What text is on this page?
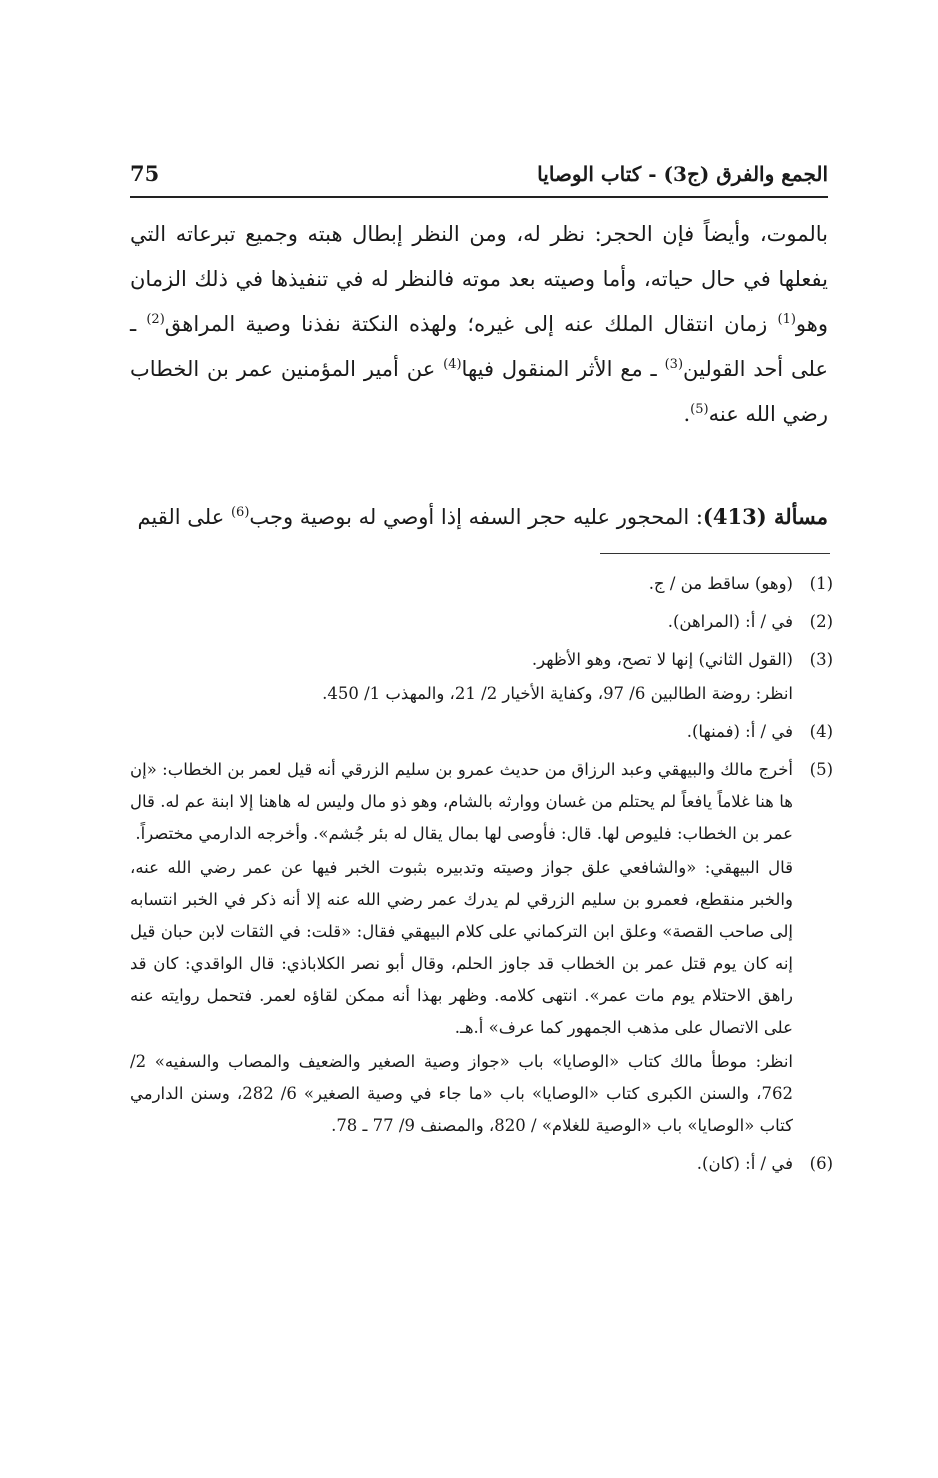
75	الجمع والفرق (ج3) - كتاب الوصايا

بالموت، وأيضاً فإن الحجر: نظر له، ومن النظر إبطال هبته وجميع تبرعاته التي يفعلها في حال حياته، وأما وصيته بعد موته فالنظر له في تنفيذها في ذلك الزمان وهو$^{(1)}$ زمان انتقال الملك عنه إلى غيره؛ ولهذه النكتة نفذنا وصية المراهق$^{(2)}$ ـ على أحد القولين$^{(3)}$ ـ مع الأثر المنقول فيها$^{(4)}$ عن أمير المؤمنين عمر بن الخطاب رضي الله عنه$^{(5)}$.

مسألة (413): المحجور عليه حجر السفه إذا أوصي له بوصية وجب$^{(6)}$ على القيم
(1)

(وهو) ساقط من / ج.

(2)

في / أ: (المراهن).

(3)

(القول الثاني) إنها لا تصح، وهو الأظهر.

انظر: روضة الطالبين 6/ 97، وكفاية الأخيار 2/ 21، والمهذب 1/ 450.

(4)

في / أ: (فمنها).

(5)

أخرج مالك والبيهقي وعبد الرزاق من حديث عمرو بن سليم الزرقي أنه قيل لعمر بن الخطاب: «إن ها هنا غلاماً يافعاً لم يحتلم من غسان ووارثه بالشام، وهو ذو مال وليس له هاهنا إلا ابنة عم له. قال عمر بن الخطاب: فليوص لها. قال: فأوصى لها بمال يقال له بئر جُشم». وأخرجه الدارمي مختصراً.

قال البيهقي: «والشافعي علق جواز وصيته وتدبيره بثبوت الخبر فيها عن عمر رضي الله عنه، والخبر منقطع، فعمرو بن سليم الزرقي لم يدرك عمر رضي الله عنه إلا أنه ذكر في الخبر انتسابه إلى صاحب القصة» وعلق ابن التركماني على كلام البيهقي فقال: «قلت: في الثقات لابن حبان قيل إنه كان يوم قتل عمر بن الخطاب قد جاوز الحلم، وقال أبو نصر الكلاباذي: قال الواقدي: كان قد راهق الاحتلام يوم مات عمر». انتهى كلامه. وظهر بهذا أنه ممكن لقاؤه لعمر. فتحمل روايته عنه على الاتصال على مذهب الجمهور كما عرف» أ.هـ.

انظر: موطأ مالك كتاب «الوصايا» باب «جواز وصية الصغير والضعيف والمصاب والسفيه» 2/ 762، والسنن الكبرى كتاب «الوصايا» باب «ما جاء في وصية الصغير» 6/ 282، وسنن الدارمي كتاب «الوصايا» باب «الوصية للغلام» / 820، والمصنف 9/ 77 ـ 78.

(6)

في / أ: (كان).
